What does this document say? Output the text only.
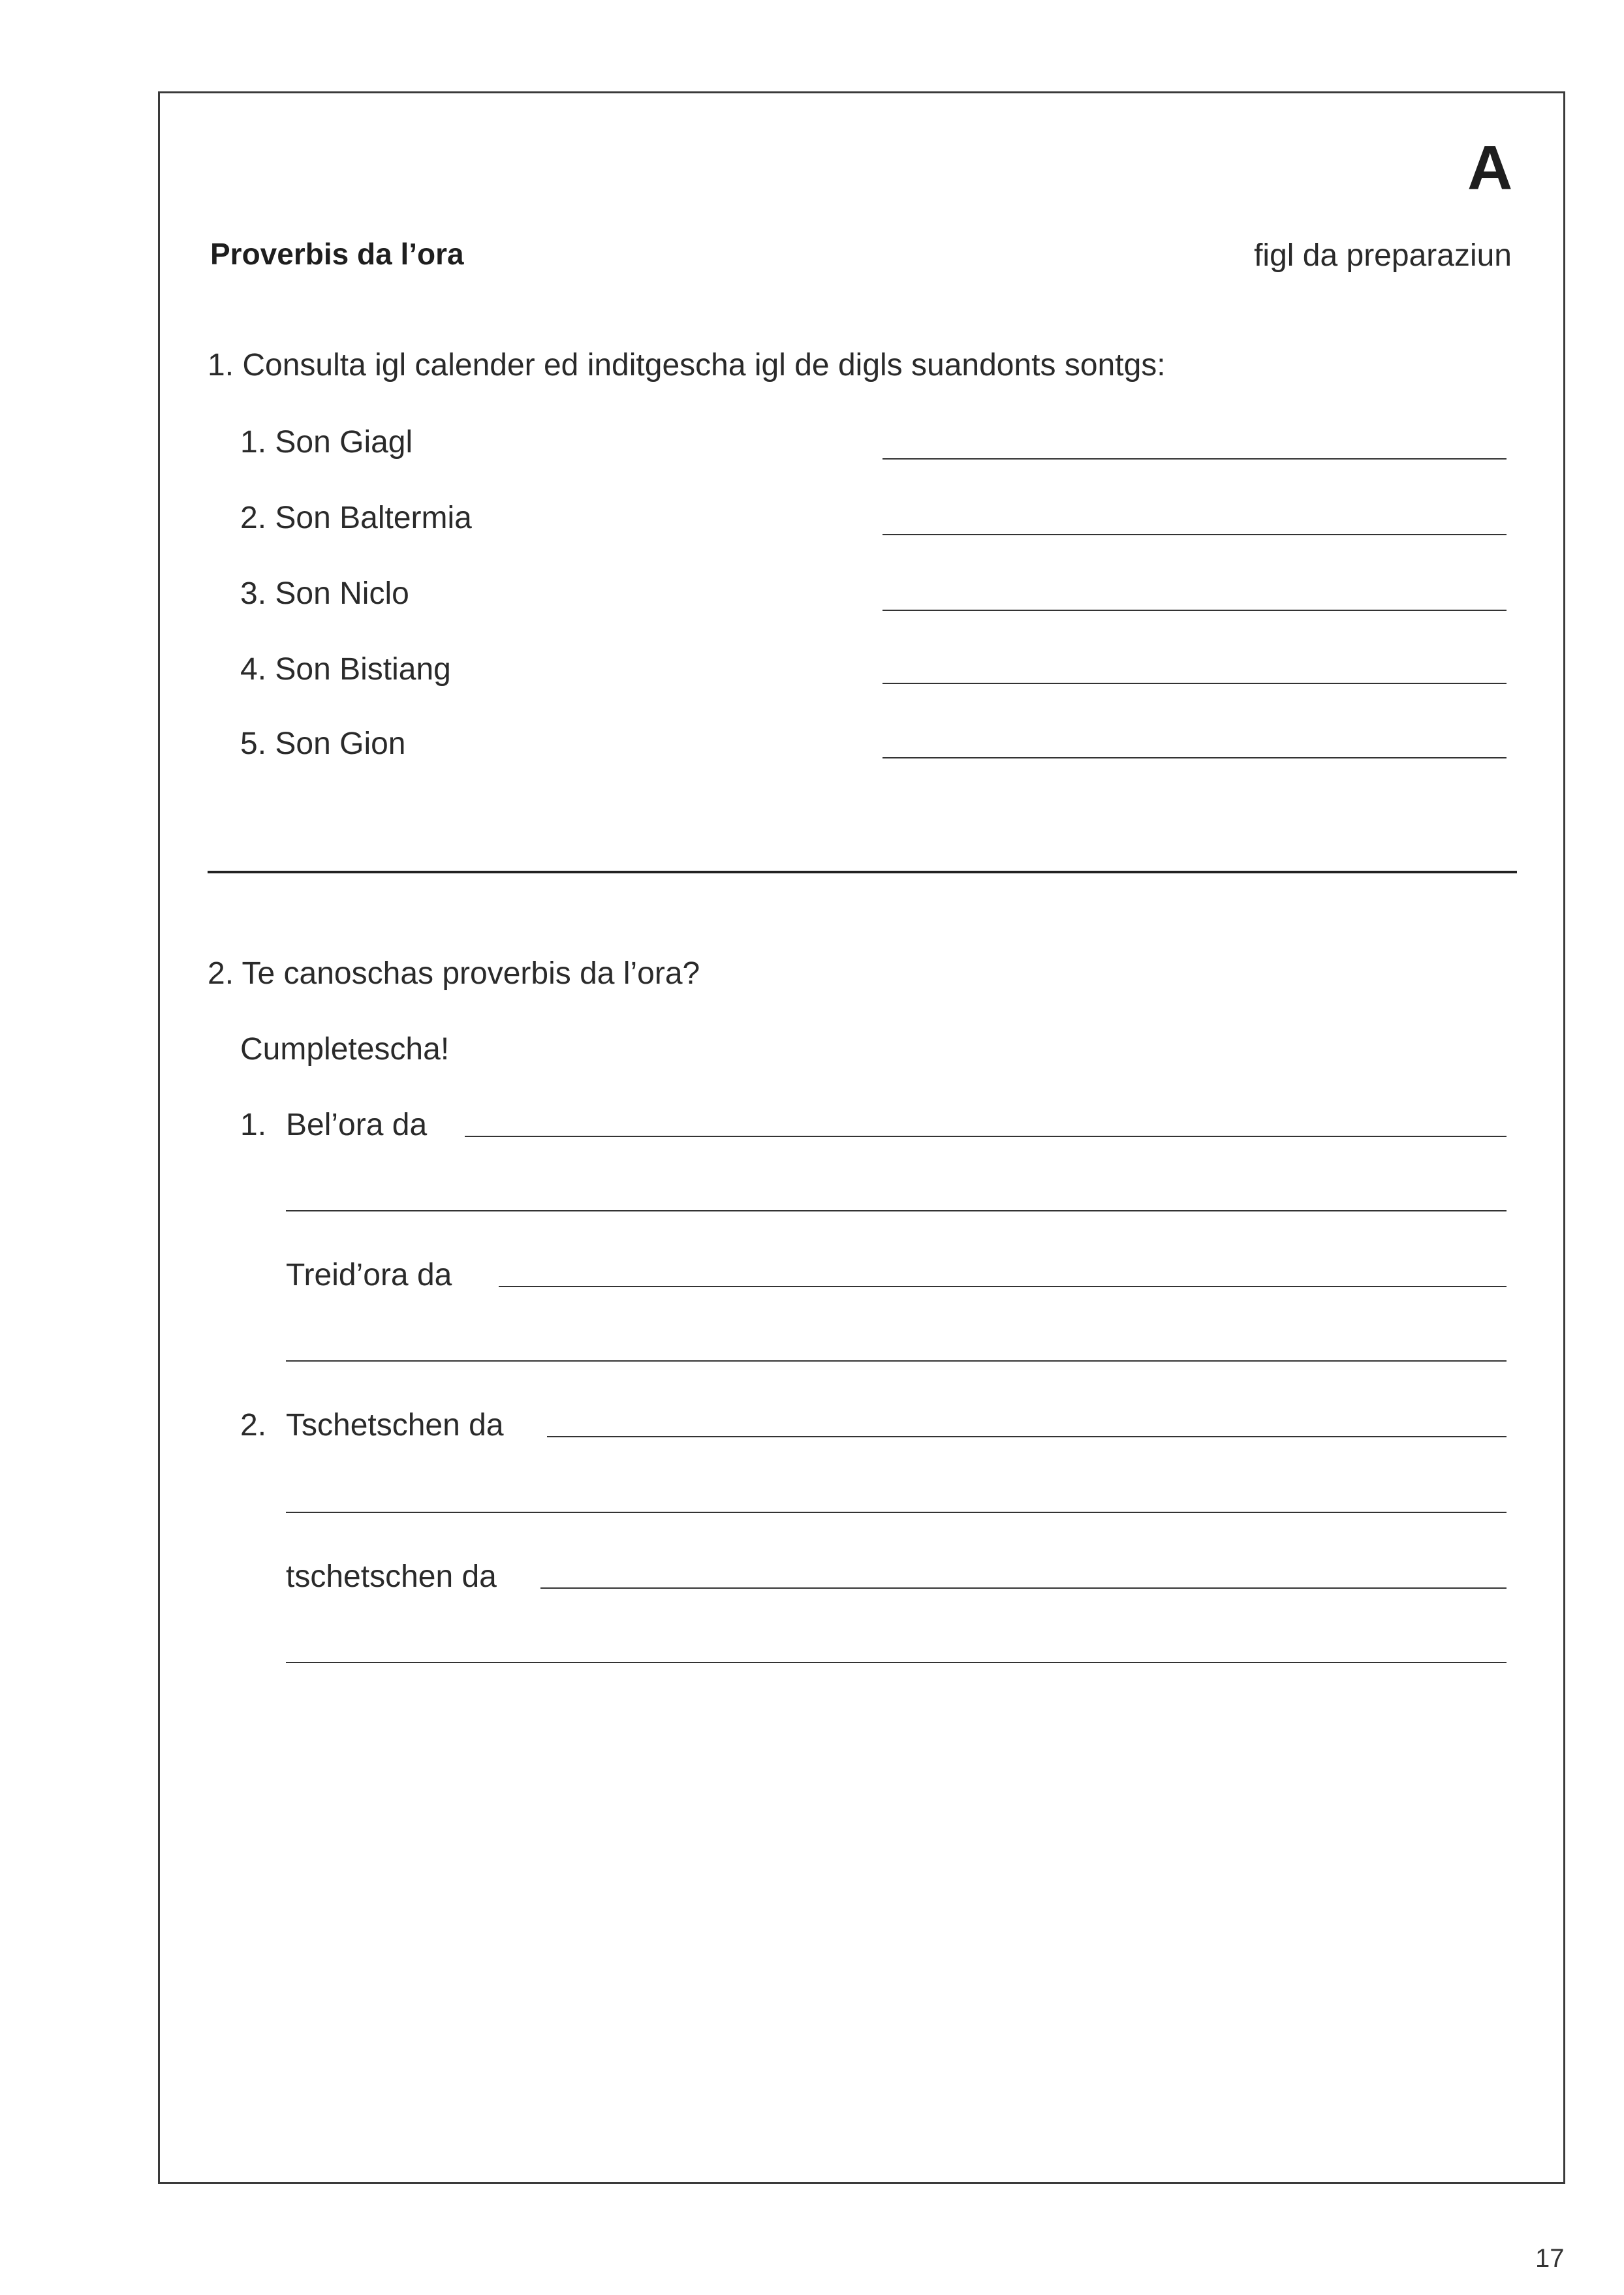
A
Proverbis da l’ora	figl da preparaziun
1. Consulta igl calender ed inditgescha igl de digls suandonts sontgs:
1. Son Giagl
2. Son Baltermia
3. Son Niclo
4. Son Bistiang
5. Son Gion
2. Te canoschas proverbis da l’ora?
Cumpletescha!
1. Bel’ora da
Treid’ora da
2. Tschetschen da
tschetschen da
17
